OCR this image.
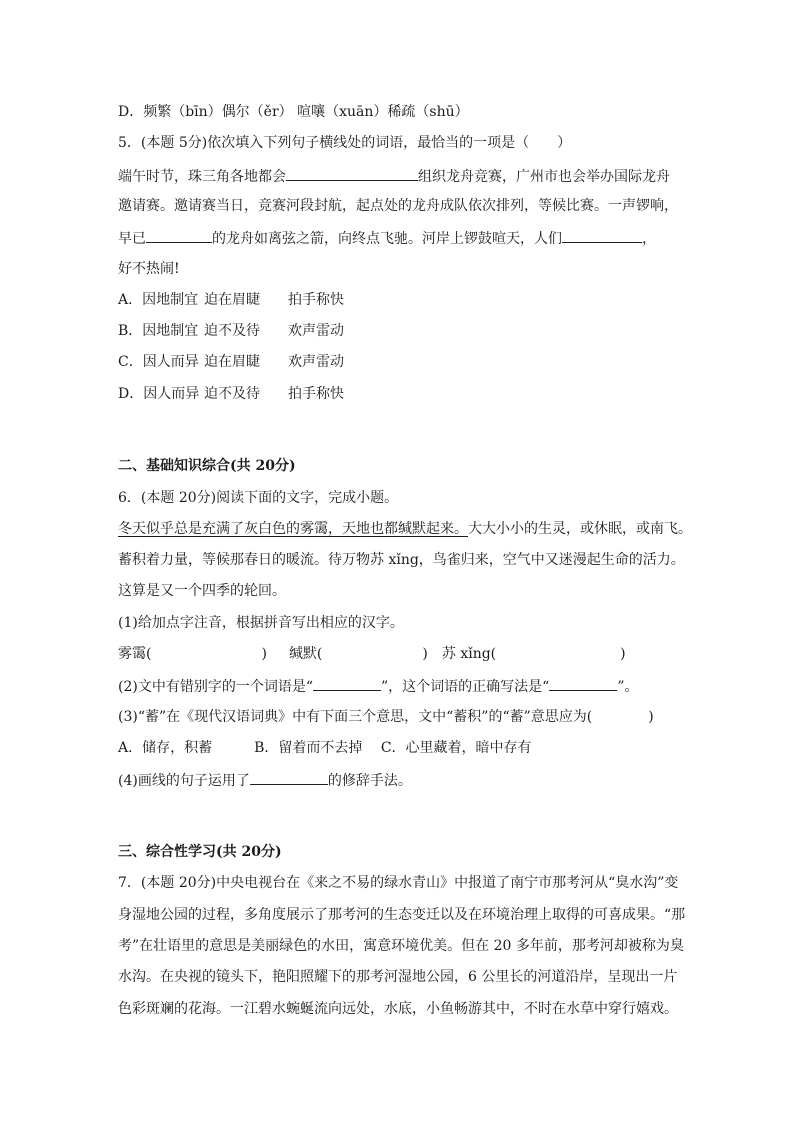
D．频繁（bīn）偶尔（ěr） 喧嚷（xuān）稀疏（shū）
5．(本题 5分)依次填入下列句子横线处的词语，最恰当的一项是（　　）
端午时节，珠三角各地都会	组织龙舟竞赛，广州市也会举办国际龙舟
邀请赛。邀请赛当日，竞赛河段封航，起点处的龙舟成队依次排列，等候比赛。一声锣响，
早已	的龙舟如离弦之箭，向终点飞驰。河岸上锣鼓喧天，人们	，
好不热闹!
A．因地制宜 迫在眉睫 拍手称快
B．因地制宜 迫不及待 欢声雷动
C．因人而异 迫在眉睫 欢声雷动
D．因人而异 迫不及待 拍手称快
二、基础知识综合(共 20分)
6．(本题 20分)阅读下面的文字，完成小题。
冬天似乎总是充满了灰白色的雾霭，天地也都缄默起来。大大小小的生灵，或休眠，或南飞。
蓄积着力量，等候那春日的暖流。待万物苏 xǐng，鸟雀归来，空气中又迷漫起生命的活力。
这算是又一个四季的轮回。
(1)给加点字注音，根据拼音写出相应的汉字。
雾霭(	) 缄默(	) 苏 xǐng(	)
(2)文中有错别字的一个词语是“	”，这个词语的正确写法是“	”。
(3)“蓄”在《现代汉语词典》中有下面三个意思，文中“蓄积”的“蓄”意思应为(　　　　)
A．储存，积蓄　　　B．留着而不去掉　 C．心里藏着，暗中存有
(4)画线的句子运用了	的修辞手法。
三、综合性学习(共 20分)
7．(本题 20分)中央电视台在《来之不易的绿水青山》中报道了南宁市那考河从“臭水沟”变
身湿地公园的过程，多角度展示了那考河的生态变迁以及在环境治理上取得的可喜成果。“那
考”在壮语里的意思是美丽绿色的水田，寓意环境优美。但在 20 多年前，那考河却被称为臭
水沟。在央视的镜头下，艳阳照耀下的那考河湿地公园，6 公里长的河道沿岸，呈现出一片
色彩斑斓的花海。一江碧水蜿蜒流向远处，水底，小鱼畅游其中，不时在水草中穿行嬉戏。
